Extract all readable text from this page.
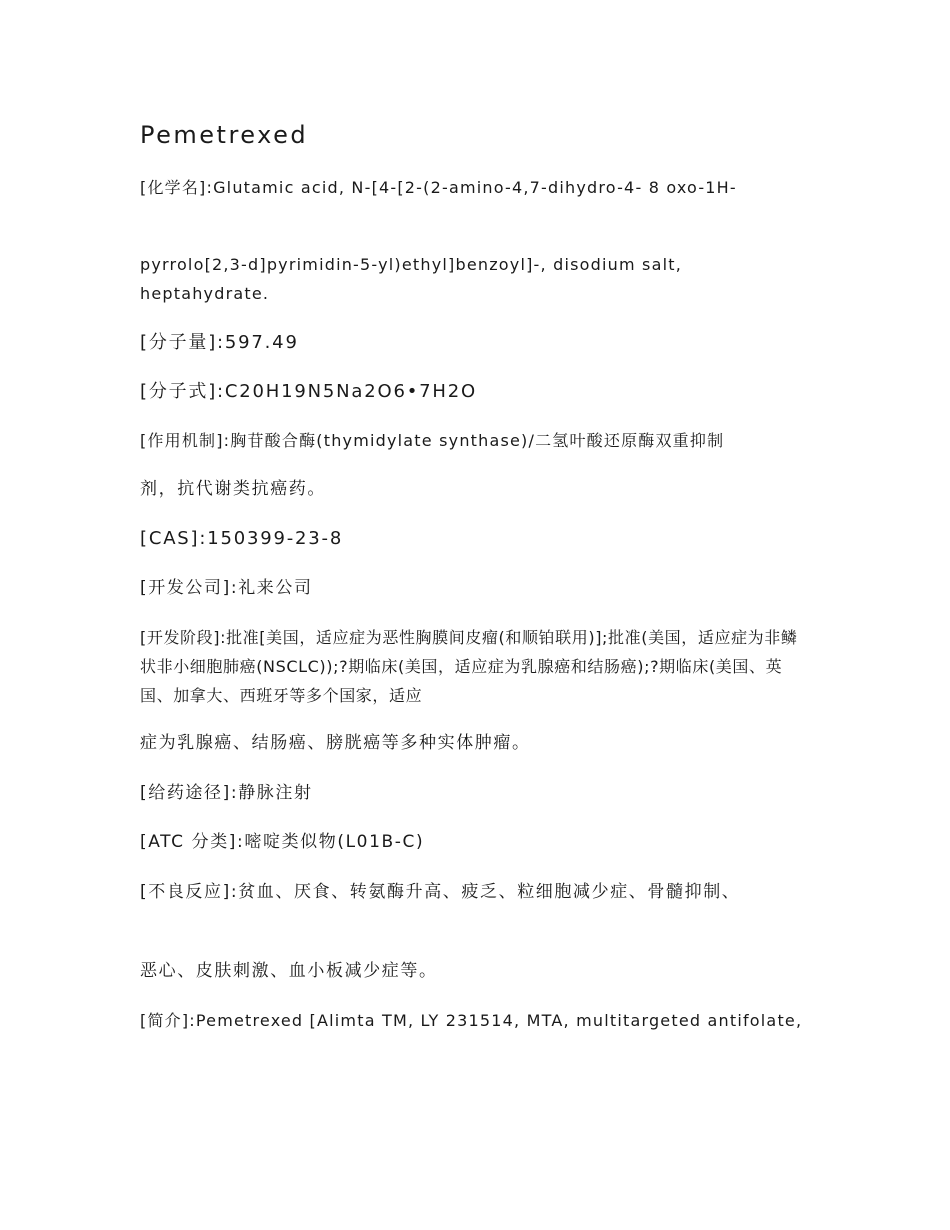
Pemetrexed

[化学名]:Glutamic acid, N-[4-[2-(2-amino-4,7-dihydro-4- 8 oxo-1H-

pyrrolo[2,3-d]pyrimidin-5-yl)ethyl]benzoyl]-, disodium salt, heptahydrate.

[分子量]:597.49

[分子式]:C20H19N5Na2O6•7H2O

[作用机制]:胸苷酸合酶(thymidylate synthase)/二氢叶酸还原酶双重抑制

剂，抗代谢类抗癌药。

[CAS]:150399-23-8

[开发公司]:礼来公司

[开发阶段]:批准[美国，适应症为恶性胸膜间皮瘤(和顺铂联用)];批准(美国，适应症为非鳞状非小细胞肺癌(NSCLC));?期临床(美国，适应症为乳腺癌和结肠癌);?期临床(美国、英国、加拿大、西班牙等多个国家，适应

症为乳腺癌、结肠癌、膀胱癌等多种实体肿瘤。

[给药途径]:静脉注射

[ATC 分类]:嘧啶类似物(L01B-C)

[不良反应]:贫血、厌食、转氨酶升高、疲乏、粒细胞减少症、骨髓抑制、

恶心、皮肤刺激、血小板减少症等。

[简介]:Pemetrexed [Alimta TM, LY 231514, MTA, multitargeted antifolate,
